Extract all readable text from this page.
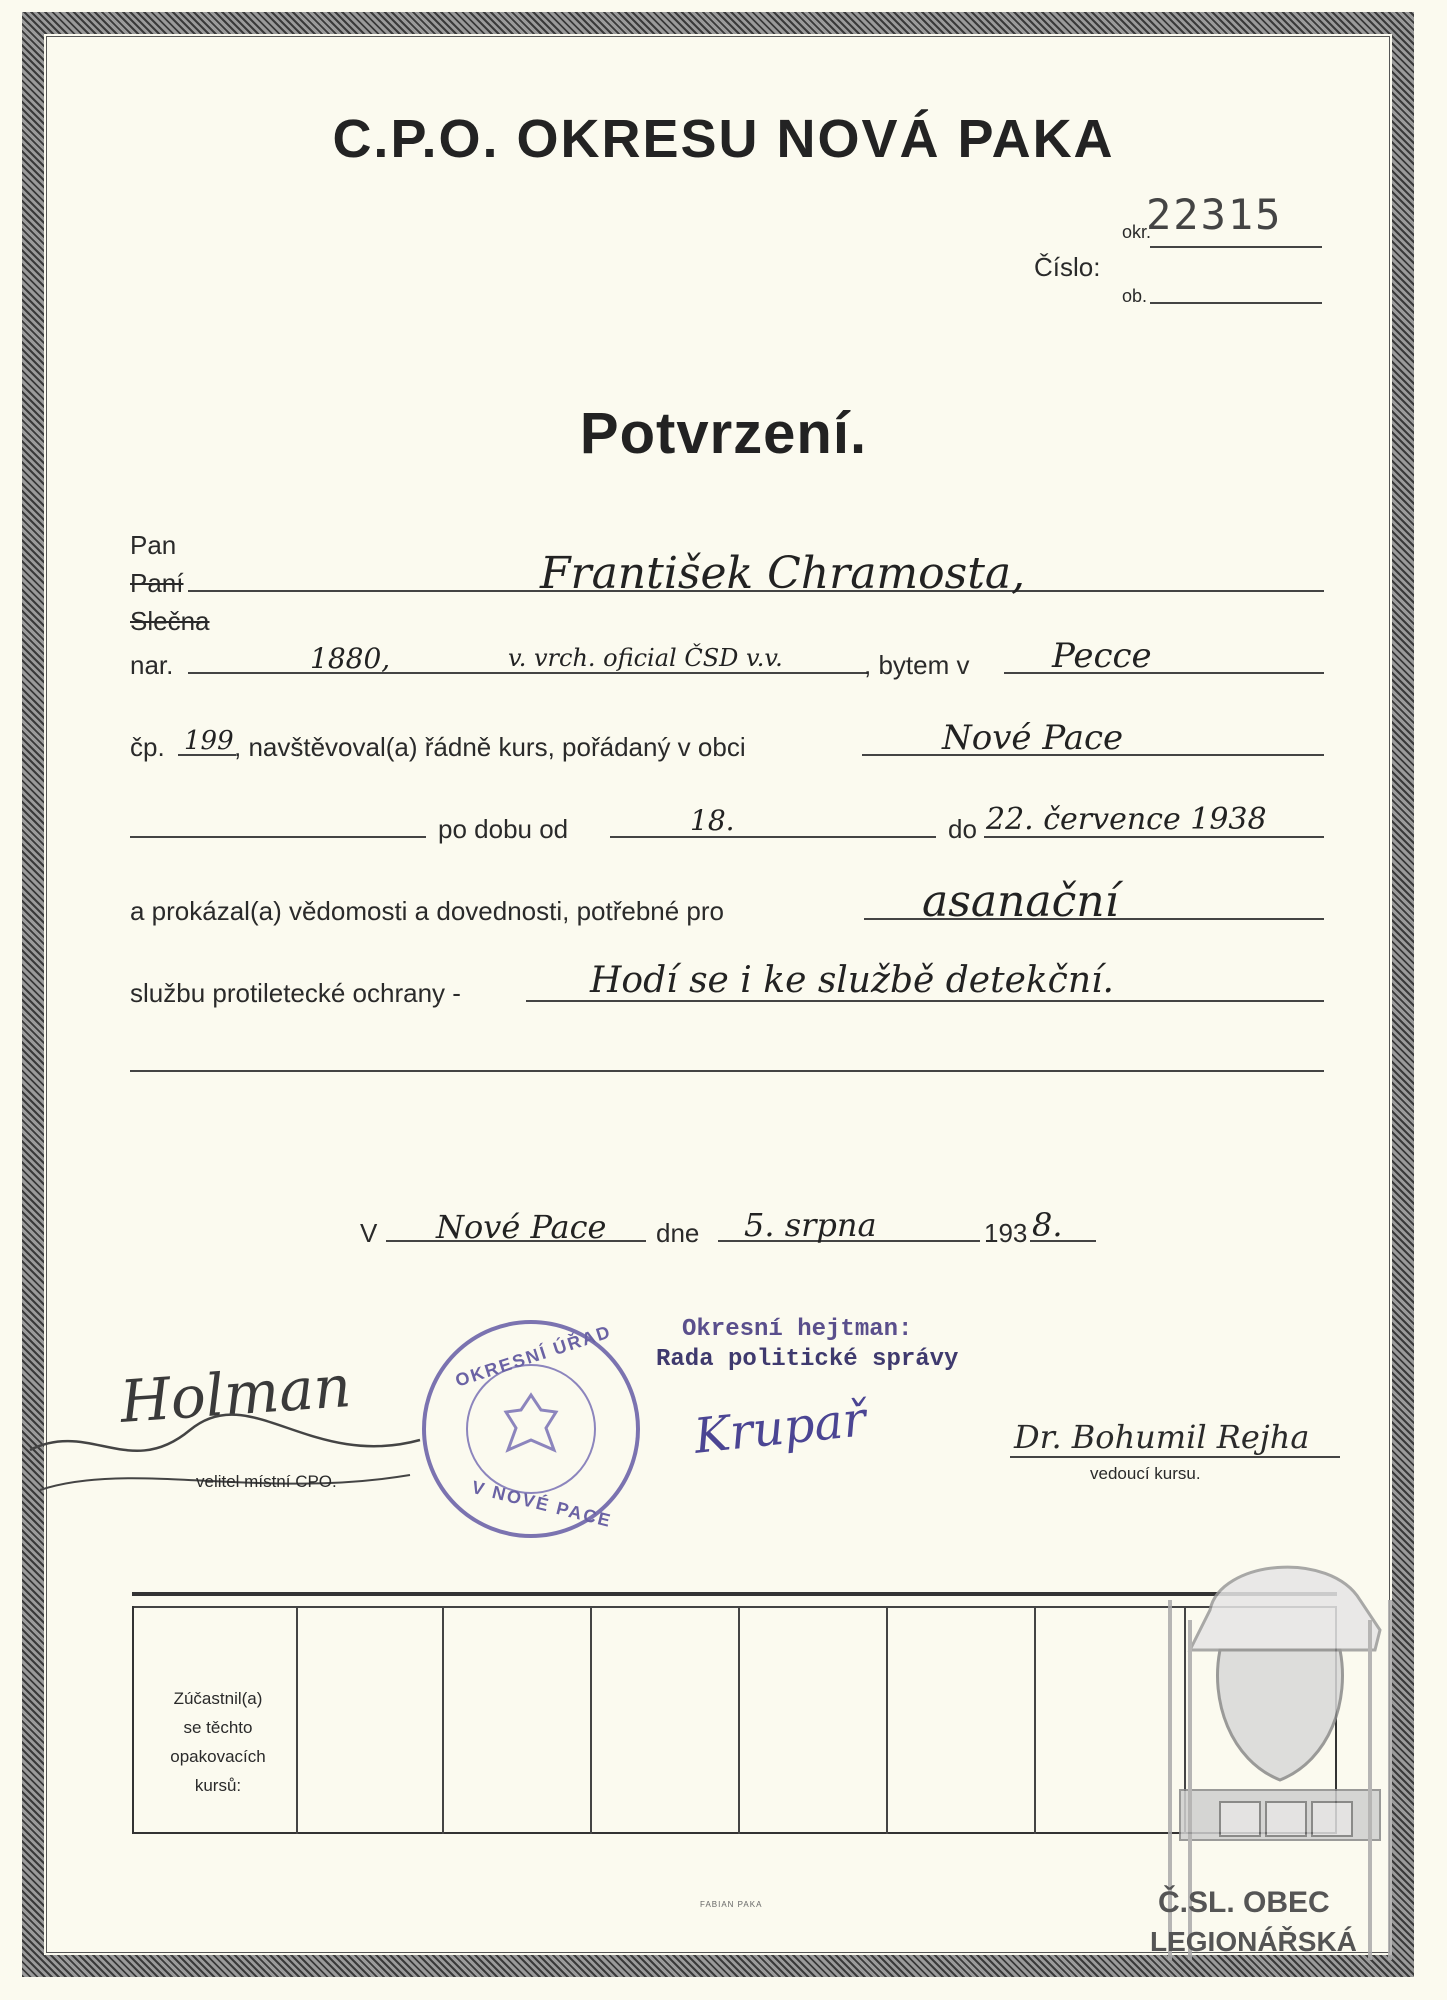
C.P.O. OKRESU NOVÁ PAKA
okr.
22315
Číslo:
ob.
Potvrzení.
Pan
Paní
Slečna
František Chramosta,
nar.	1880,	v. vrch. oficial ČSD v.v.	, bytem v Pecce
čp. 199 , navštěvoval(a) řádně kurs, pořádaný v obci	Nové Pace
po dobu od	18.	do 22. července 1938
a prokázal(a) vědomosti a dovednosti, potřebné pro	asanační
službu protiletecké ochrany -	Hodí se i ke službě detekční.
V Nové Pace dne 5. srpna	193 8.
Okresní hejtman:
Rada politické správy
Holman
velitel místní CPO.
OKRESNÍ ÚŘAD
V NOVÉ PACE
Krupař	Dr. Bohumil Rejha
vedoucí kursu.
Zúčastnil(a)
se těchto
opakovacích
kursů:
FABIAN PAKA	Č.SL. OBEC
LEGIONÁŘSKÁ
